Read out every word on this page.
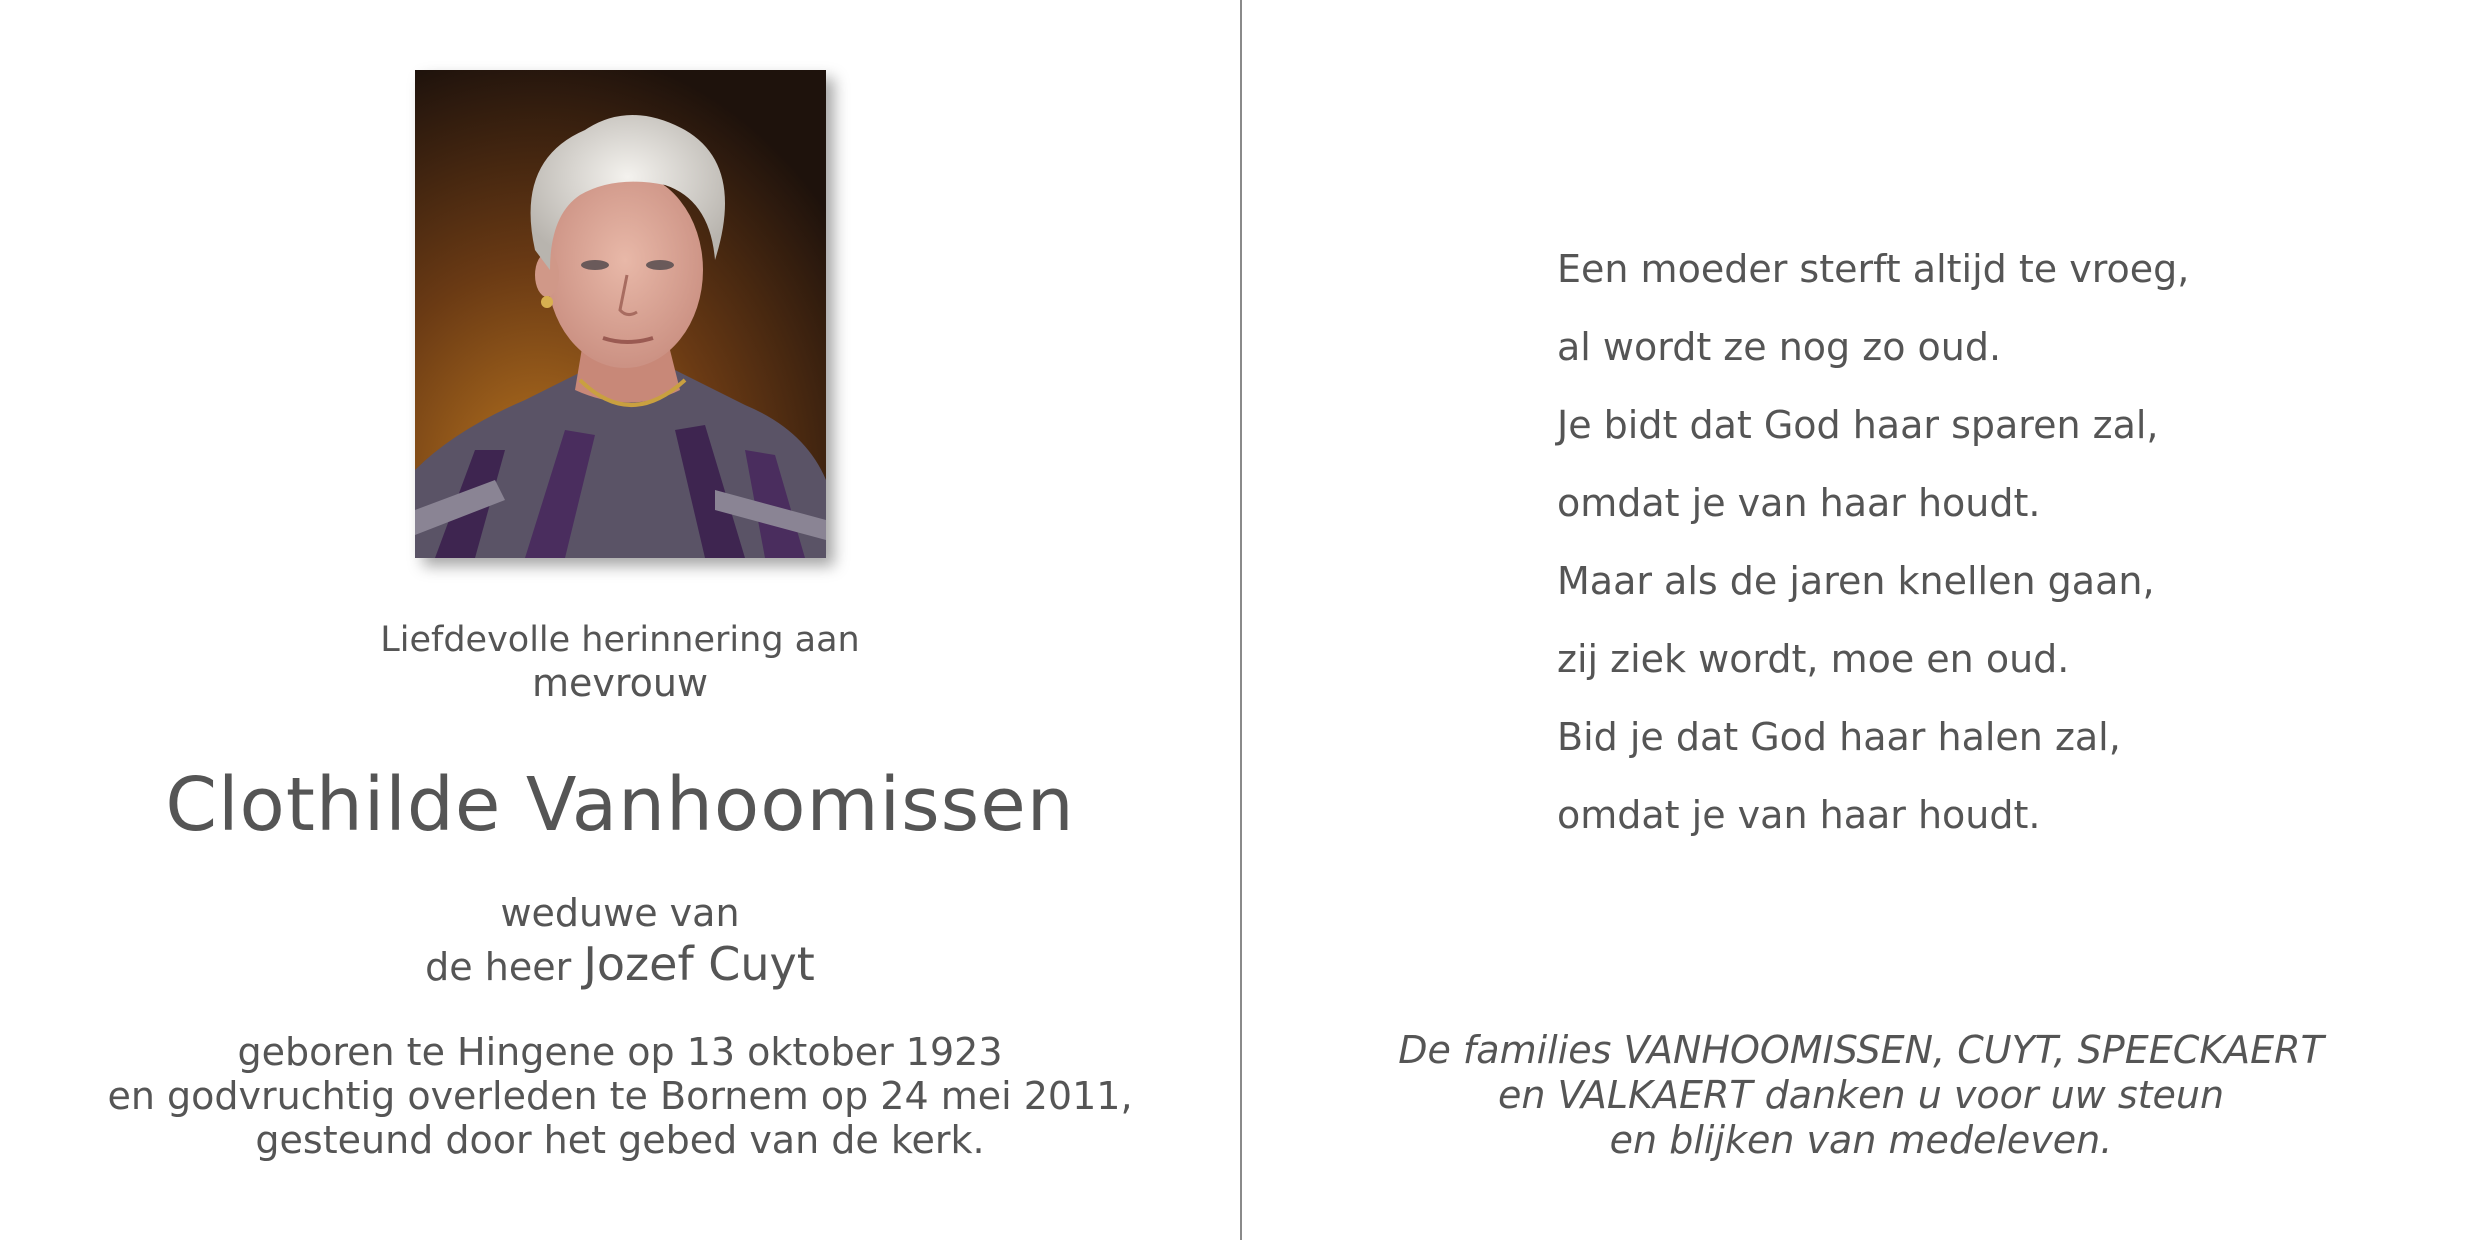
Liefdevolle herinnering aan
mevrouw
Clothilde Vanhoomissen
weduwe van
de heer Jozef Cuyt
geboren te Hingene op 13 oktober 1923
en godvruchtig overleden te Bornem op 24 mei 2011,
gesteund door het gebed van de kerk.
Een moeder sterft altijd te vroeg,
al wordt ze nog zo oud.
Je bidt dat God haar sparen zal,
omdat je van haar houdt.
Maar als de jaren knellen gaan,
zij ziek wordt, moe en oud.
Bid je dat God haar halen zal,
omdat je van haar houdt.
De families VANHOOMISSEN, CUYT, SPEECKAERT
en VALKAERT danken u voor uw steun
en blijken van medeleven.
